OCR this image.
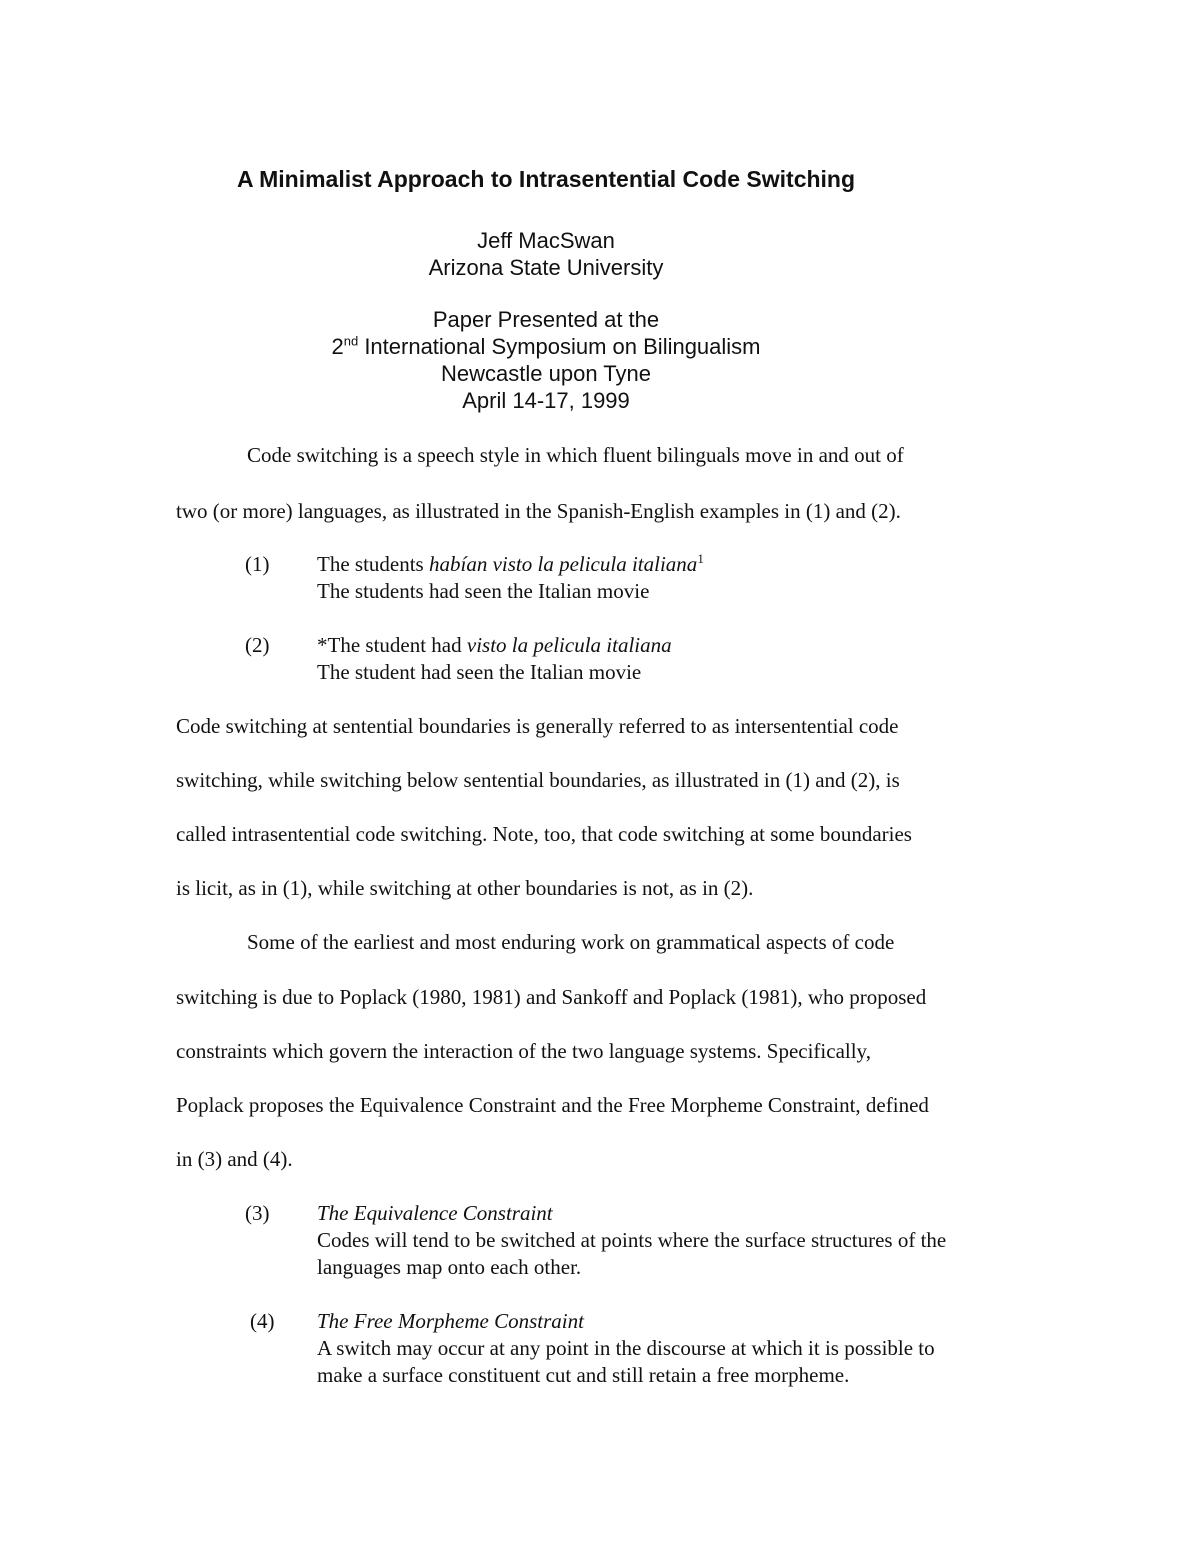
A Minimalist Approach to Intrasentential Code Switching
Jeff MacSwan
Arizona State University
Paper Presented at the
2nd International Symposium on Bilingualism
Newcastle upon Tyne
April 14-17, 1999
Code switching is a speech style in which fluent bilinguals move in and out of
two (or more) languages, as illustrated in the Spanish-English examples in (1) and (2).
(1) The students habían visto la pelicula italiana$^1$
The students had seen the Italian movie
(2) *The student had visto la pelicula italiana
The student had seen the Italian movie
Code switching at sentential boundaries is generally referred to as intersentential code
switching, while switching below sentential boundaries, as illustrated in (1) and (2), is
called intrasentential code switching. Note, too, that code switching at some boundaries
is licit, as in (1), while switching at other boundaries is not, as in (2).
Some of the earliest and most enduring work on grammatical aspects of code
switching is due to Poplack (1980, 1981) and Sankoff and Poplack (1981), who proposed
constraints which govern the interaction of the two language systems. Specifically,
Poplack proposes the Equivalence Constraint and the Free Morpheme Constraint, defined
in (3) and (4).
(3) The Equivalence Constraint
Codes will tend to be switched at points where the surface structures of the
languages map onto each other.
(4) The Free Morpheme Constraint
A switch may occur at any point in the discourse at which it is possible to
make a surface constituent cut and still retain a free morpheme.
